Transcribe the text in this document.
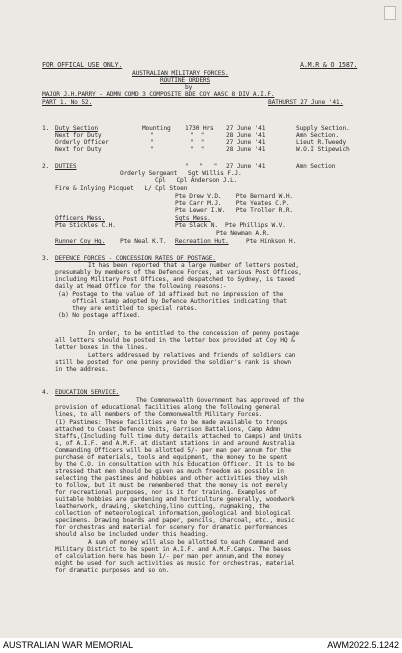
FOR OFFICAL USE ONLY.	A.M.R & O 1587.
AUSTRALIAN MILITARY FORCES.
ROUTINE ORDERS
by
MAJOR J.H.PARRY - ADMN COMD 3 COMPOSITE BDE COY AASC 8 DIV A.I.F.
PART 1. No 52.	BATHURST 27 June '41.
1. Duty Section	Mounting 1730 Hrs 27 June '41	Supply Section.
Next for Duty	"	"  "	28 June '41	Amn Section.
Orderly Officer	"	"  "	27 June '41	Lieut R.Tweedy
Next for Duty	"	"  "	28 June '41	W.O.I Stipewich
2. DUTIES	"   "   " 27 June '41	Amn Section
Orderly Sergeant   Sgt Willis F.J.
Cpl   Cpl Anderson J.L.
Fire & Inlying Picquet   L/ Cpl Stoen
Pte Drew V.D.    Pte Bernard W.H.
Pte Carr M.J.    Pte Yeates C.P.
Pte Lewer I.W.   Pte Troller R.R.
Officers Mess.	Sgts Mess.
Pte Stickles C.H.	Pte Slack N.  Pte Phillips W.V.
Pte Newman A.R.
Runner Coy Hq. Pte Neal K.T. Recreation Hut.	Pte Hinkson H.
3. DEFENCE FORCES - CONCESSION RATES OF POSTAGE.
It has been reported that a large number of letters posted,
presumably by members of the Defence Forces, at various Post Offices,
including Military Post Offices, and despatched to Sydney, is taxed
daily at Head Office for the following reasons:-
(a) Postage to the value of 1d affixed but no impression of the
offical stamp adopted by Defence Authorities indicating that
they are entitled to special rates.
(b) No postage affixed.
In order, to be entitled to the concession of penny postage
all letters should be posted in the letter box provided at Coy HQ &
letter boxes in the lines.
Letters addressed by relatives and friends of soldiers can
still be posted for one penny provided the soldier's rank is shown
in the address.
4. EDUCATION SERVICE.
The Commonwealth Government has approved of the
provision of educational facilities along the following general
lines, to all members of the Commonwealth Military Forces.
(1) Pastimes: These facilities are to be made available to troops
attached to Coast Defence Units, Garrison Battalions, Camp Admn
Staffs,(Including full time duty details attached to Camps) and Units
s, of A.I.F. and A.M.F. at distant stations in and around Australia
Commanding Officers will be allotted 5/- per man per annum for the
purchase of materials, tools and equipment, the money to be spent
by the C.O. in consultation with his Education Officer. It is to be
stressed that men should be given as much freedom as possible in
selecting the pastimes and hobbies and other activities they wish
to follow, but it must be remembered that the money is not merely
for recreational purposes, nor is it for training. Examples of
suitable hobbies are gardening and horticulture generally, woodwork
leatherwork, drawing, sketching,lino cutting, rugmaking, the
collection of meteorological information,geological and biological
specimens. Drawing boards and paper, pencils, charcoal, etc., music
for orchestras and material for scenery for dramatic performances
should also be included under this heading.
A sum of money will also be allotted to each Command and
Military District to be spent in A.I.F. and A.M.F.Camps. The bases
of calculation here has been 1/- per man per annum,and the money
might be used for such activities as music for orchestras, material
for dramatic purposes and so on.
AUSTRALIAN WAR MEMORIAL	AWM2022.5.1242
